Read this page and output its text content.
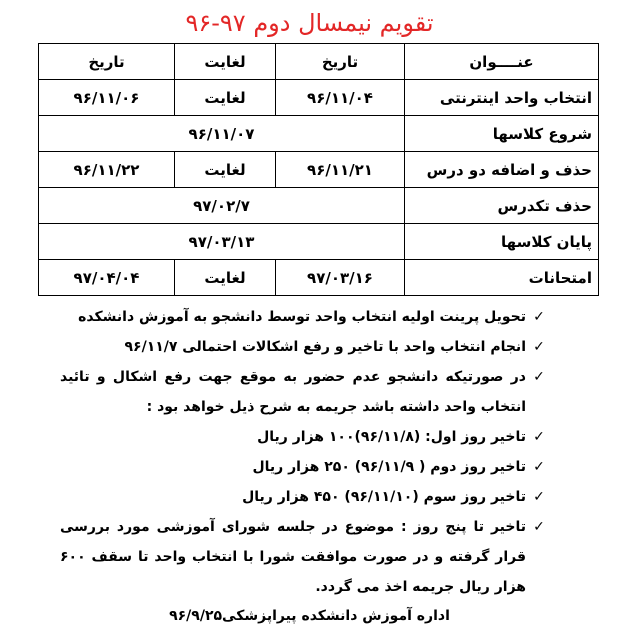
تقویم نیمسال دوم ۹۷-۹۶
عنــــوان	تاریخ	لغایت	تاریخ
انتخاب واحد اینترنتی	۹۶/۱۱/۰۴	لغایت	۹۶/۱۱/۰۶
شروع کلاسها	۹۶/۱۱/۰۷		
حذف و اضافه دو درس	۹۶/۱۱/۲۱	لغایت	۹۶/۱۱/۲۲
حذف تکدرس	۹۷/۰۲/۷		
پایان کلاسها	۹۷/۰۳/۱۳		
امتحانات	۹۷/۰۳/۱۶	لغایت	۹۷/۰۴/۰۴
✓
تحویل پرینت اولیه انتخاب واحد توسط دانشجو به آموزش دانشکده
✓
انجام انتخاب واحد با تاخیر و رفع اشکالات احتمالی ۹۶/۱۱/۷
✓
در صورتیکه دانشجو عدم حضور به موقع جهت رفع اشکال و تائید انتخاب واحد داشته باشد جریمه به شرح ذیل خواهد بود :
✓
تاخیر روز اول: (۹۶/۱۱/۸)۱۰۰ هزار ریال
✓
تاخیر روز دوم ( ۹۶/۱۱/۹) ۲۵۰ هزار ریال
✓
تاخیر روز سوم (۹۶/۱۱/۱۰) ۴۵۰ هزار ریال
✓
تاخیر تا پنج روز : موضوع در جلسه شورای آموزشی مورد بررسی قرار گرفته و در صورت موافقت شورا با انتخاب واحد تا سقف ۶۰۰ هزار ریال جریمه اخذ می گردد.
اداره آموزش دانشکده پیراپزشکی۹۶/۹/۲۵
